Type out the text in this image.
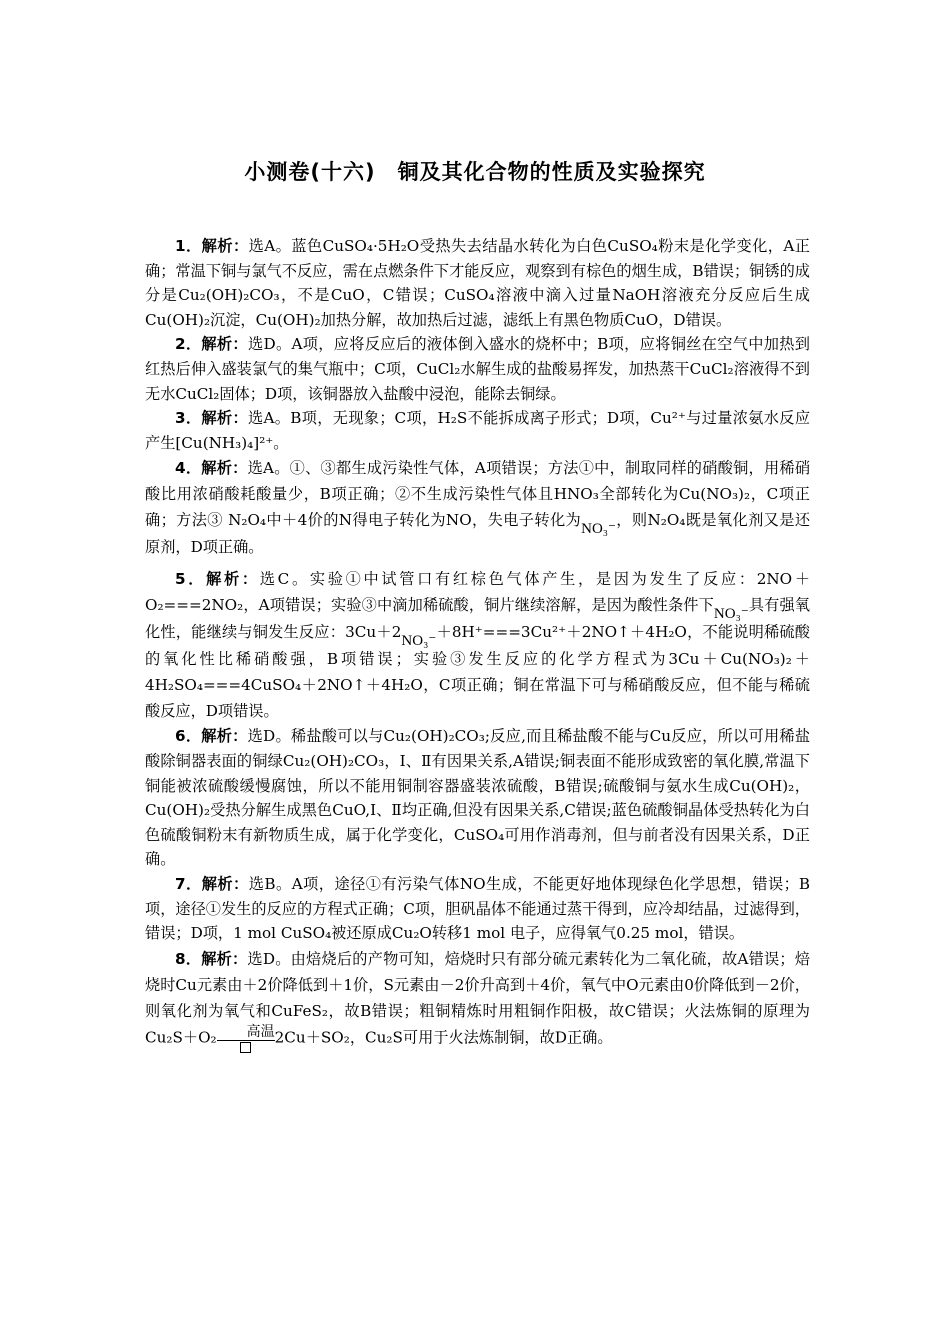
小测卷(十六) 铜及其化合物的性质及实验探究

1．解析：选A。蓝色CuSO₄·5H₂O受热失去结晶水转化为白色CuSO₄粉末是化学变化，A正确；常温下铜与氯气不反应，需在点燃条件下才能反应，观察到有棕色的烟生成，B错误；铜锈的成分是Cu₂(OH)₂CO₃，不是CuO，C错误；CuSO₄溶液中滴入过量NaOH溶液充分反应后生成Cu(OH)₂沉淀，Cu(OH)₂加热分解，故加热后过滤，滤纸上有黑色物质CuO，D错误。

2．解析：选D。A项，应将反应后的液体倒入盛水的烧杯中；B项，应将铜丝在空气中加热到红热后伸入盛装氯气的集气瓶中；C项，CuCl₂水解生成的盐酸易挥发，加热蒸干CuCl₂溶液得不到无水CuCl₂固体；D项，该铜器放入盐酸中浸泡，能除去铜绿。

3．解析：选A。B项，无现象；C项，H₂S不能拆成离子形式；D项，Cu²⁺与过量浓氨水反应产生[Cu(NH₃)₄]²⁺。

4．解析：选A。①、③都生成污染性气体，A项错误；方法①中，制取同样的硝酸铜，用稀硝酸比用浓硝酸耗酸量少，B项正确；②不生成污染性气体且HNO₃全部转化为Cu(NO₃)₂，C项正确；方法③ N₂O₄中＋4价的N得电子转化为NO，失电子转化为NO₃⁻，则N₂O₄既是氧化剂又是还原剂，D项正确。

5．解析：选C。实验①中试管口有红棕色气体产生，是因为发生了反应：2NO＋O₂===2NO₂，A项错误；实验③中滴加稀硫酸，铜片继续溶解，是因为酸性条件下NO₃⁻具有强氧化性，能继续与铜发生反应：3Cu＋2NO₃⁻＋8H⁺===3Cu²⁺＋2NO↑＋4H₂O，不能说明稀硫酸的氧化性比稀硝酸强，B项错误；实验③发生反应的化学方程式为3Cu＋Cu(NO₃)₂＋4H₂SO₄===4CuSO₄＋2NO↑＋4H₂O，C项正确；铜在常温下可与稀硝酸反应，但不能与稀硫酸反应，D项错误。

6．解析：选D。稀盐酸可以与Cu₂(OH)₂CO₃;反应,而且稀盐酸不能与Cu反应，所以可用稀盐酸除铜器表面的铜绿Cu₂(OH)₂CO₃，Ⅰ、Ⅱ有因果关系,A错误;铜表面不能形成致密的氧化膜,常温下铜能被浓硫酸缓慢腐蚀，所以不能用铜制容器盛装浓硫酸，B错误;硫酸铜与氨水生成Cu(OH)₂，Cu(OH)₂受热分解生成黑色CuO,Ⅰ、Ⅱ均正确,但没有因果关系,C错误;蓝色硫酸铜晶体受热转化为白色硫酸铜粉末有新物质生成，属于化学变化，CuSO₄可用作消毒剂，但与前者没有因果关系，D正确。

7．解析：选B。A项，途径①有污染气体NO生成，不能更好地体现绿色化学思想，错误；B项，途径①发生的反应的方程式正确；C项，胆矾晶体不能通过蒸干得到，应冷却结晶，过滤得到，错误；D项，1 mol CuSO₄被还原成Cu₂O转移1 mol 电子，应得氧气0.25 mol，错误。

8．解析：选D。由焙烧后的产物可知，焙烧时只有部分硫元素转化为二氧化硫，故A错误；焙烧时Cu元素由＋2价降低到＋1价，S元素由－2价升高到＋4价，氧气中O元素由0价降低到－2价，则氧化剂为氧气和CuFeS₂，故B错误；粗铜精炼时用粗铜作阳极，故C错误；火法炼铜的原理为Cu₂S＋O₂	高温 2Cu＋SO₂，Cu₂S可用于火法炼制铜，故D正确。
